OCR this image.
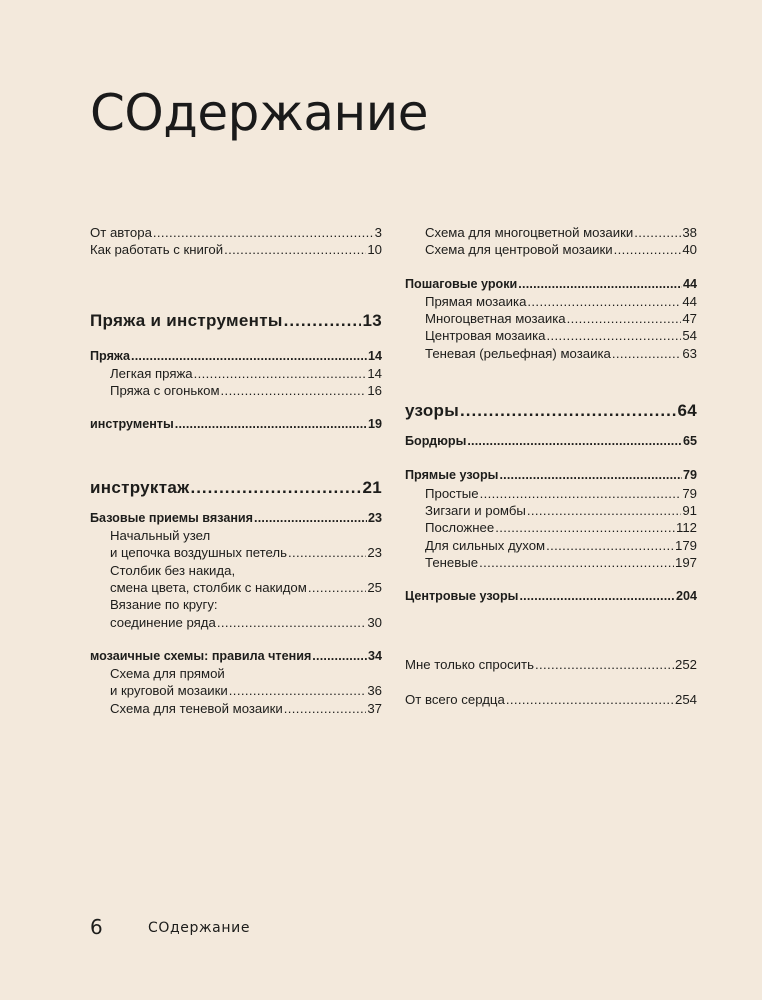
СОдержание
От автора .....	3
Как работать с книгой .....	10
Пряжа и инструменты .....	13
Пряжа .....	14
Легкая пряжа .....	14
Пряжа с огоньком .....	16
инструменты .....	19
инструктаж .....	21
Базовые приемы вязания .....	23
Начальный узел
и цепочка воздушных петель .....	23
Столбик без накида,
смена цвета, столбик с накидом .....	25
Вязание по кругу:
соединение ряда .....	30
мозаичные схемы: правила чтения .....	34
Схема для прямой
и круговой мозаики .....	36
Схема для теневой мозаики .....	37
Схема для многоцветной мозаики .....	38
Схема для центровой мозаики .....	40
Пошаговые уроки .....	44
Прямая мозаика .....	44
Многоцветная мозаика .....	47
Центровая мозаика .....	54
Теневая (рельефная) мозаика .....	63
узоры .....	64
Бордюры .....	65
Прямые узоры .....	79
Простые .....	79
Зигзаги и ромбы .....	91
Посложнее .....	112
Для сильных духом .....	179
Теневые .....	197
Центровые узоры .....	204
Мне только спросить .....	252
От всего сердца .....	254

6	СОдержание
